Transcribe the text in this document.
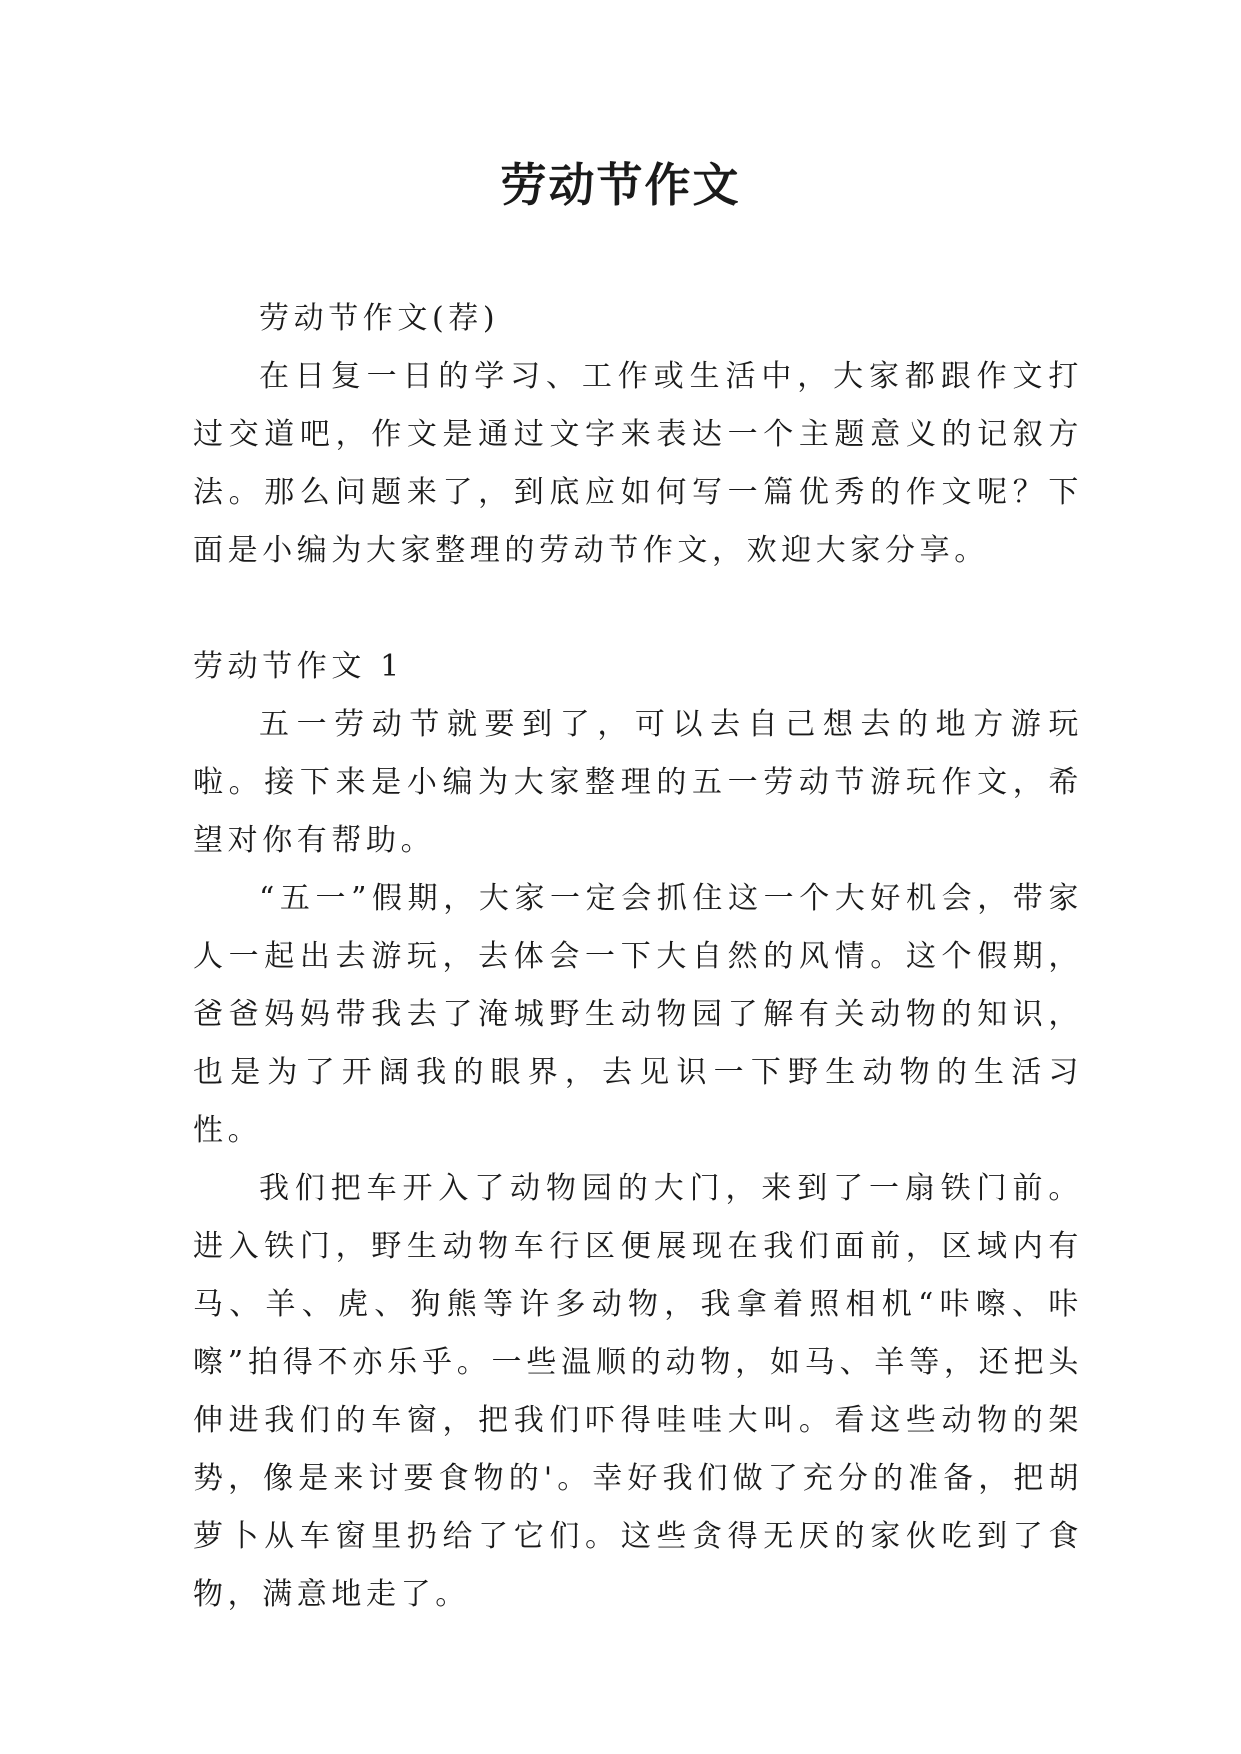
劳动节作文

劳动节作文(荐)

在日复一日的学习、工作或生活中，大家都跟作文打过交道吧，作文是通过文字来表达一个主题意义的记叙方法。那么问题来了，到底应如何写一篇优秀的作文呢？下面是小编为大家整理的劳动节作文，欢迎大家分享。

劳动节作文 1

五一劳动节就要到了，可以去自己想去的地方游玩啦。接下来是小编为大家整理的五一劳动节游玩作文，希望对你有帮助。

“五一”假期，大家一定会抓住这一个大好机会，带家人一起出去游玩，去体会一下大自然的风情。这个假期，爸爸妈妈带我去了淹城野生动物园了解有关动物的知识，也是为了开阔我的眼界，去见识一下野生动物的生活习性。

我们把车开入了动物园的大门，来到了一扇铁门前。进入铁门，野生动物车行区便展现在我们面前，区域内有马、羊、虎、狗熊等许多动物，我拿着照相机“咔嚓、咔嚓”拍得不亦乐乎。一些温顺的动物，如马、羊等，还把头伸进我们的车窗，把我们吓得哇哇大叫。看这些动物的架势，像是来讨要食物的'。幸好我们做了充分的准备，把胡萝卜从车窗里扔给了它们。这些贪得无厌的家伙吃到了食物，满意地走了。
